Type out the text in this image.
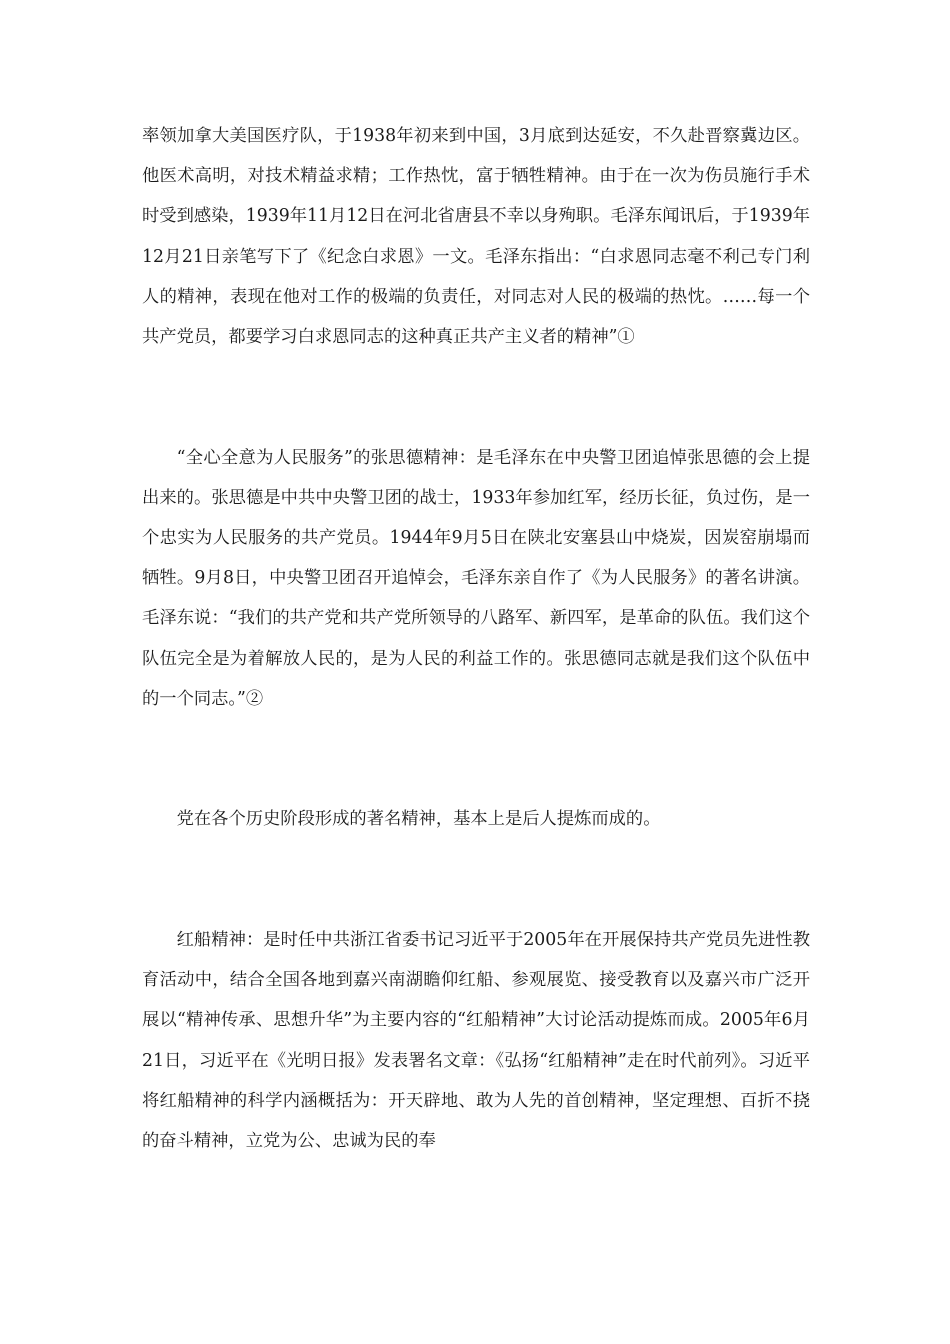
率领加拿大美国医疗队，于1938年初来到中国，3月底到达延安，不久赴晋察冀边区。他医术高明，对技术精益求精；工作热忱，富于牺牲精神。由于在一次为伤员施行手术时受到感染，1939年11月12日在河北省唐县不幸以身殉职。毛泽东闻讯后，于1939年12月21日亲笔写下了《纪念白求恩》一文。毛泽东指出：“白求恩同志毫不利己专门利人的精神，表现在他对工作的极端的负责任，对同志对人民的极端的热忱。……每一个共产党员，都要学习白求恩同志的这种真正共产主义者的精神”①

“全心全意为人民服务”的张思德精神：是毛泽东在中央警卫团追悼张思德的会上提出来的。张思德是中共中央警卫团的战士，1933年参加红军，经历长征，负过伤，是一个忠实为人民服务的共产党员。1944年9月5日在陕北安塞县山中烧炭，因炭窑崩塌而牺牲。9月8日，中央警卫团召开追悼会，毛泽东亲自作了《为人民服务》的著名讲演。毛泽东说：“我们的共产党和共产党所领导的八路军、新四军，是革命的队伍。我们这个队伍完全是为着解放人民的，是为人民的利益工作的。张思德同志就是我们这个队伍中的一个同志。”②

党在各个历史阶段形成的著名精神，基本上是后人提炼而成的。

红船精神：是时任中共浙江省委书记习近平于2005年在开展保持共产党员先进性教育活动中，结合全国各地到嘉兴南湖瞻仰红船、参观展览、接受教育以及嘉兴市广泛开展以“精神传承、思想升华”为主要内容的“红船精神”大讨论活动提炼而成。2005年6月21日，习近平在《光明日报》发表署名文章：《弘扬“红船精神”走在时代前列》。习近平将红船精神的科学内涵概括为：开天辟地、敢为人先的首创精神，坚定理想、百折不挠的奋斗精神，立党为公、忠诚为民的奉
